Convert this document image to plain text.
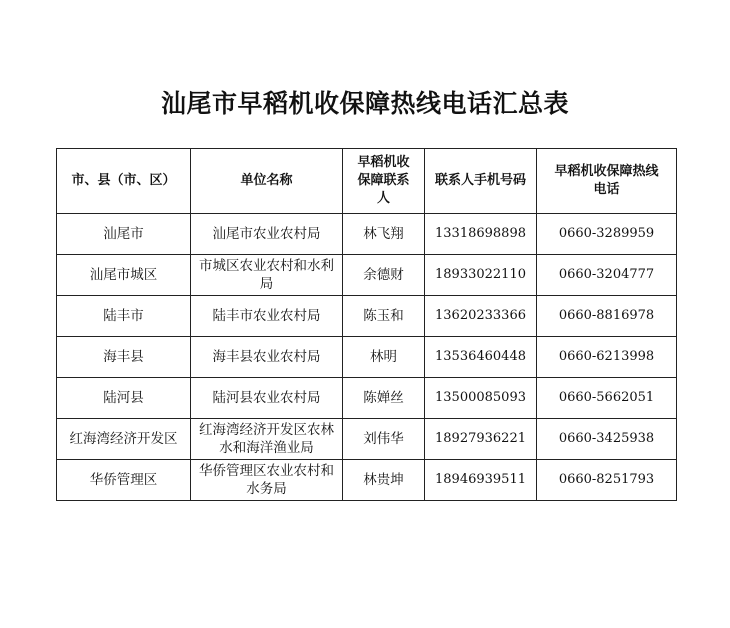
汕尾市早稻机收保障热线电话汇总表
市、县（市、区）	单位名称	早稻机收保障联系人	联系人手机号码	早稻机收保障热线电话
汕尾市	汕尾市农业农村局	林飞翔	13318698898	0660-3289959
汕尾市城区	市城区农业农村和水利局	余德财	18933022110	0660-3204777
陆丰市	陆丰市农业农村局	陈玉和	13620233366	0660-8816978
海丰县	海丰县农业农村局	林明	13536460448	0660-6213998
陆河县	陆河县农业农村局	陈婵丝	13500085093	0660-5662051
红海湾经济开发区	红海湾经济开发区农林水和海洋渔业局	刘伟华	18927936221	0660-3425938
华侨管理区	华侨管理区农业农村和水务局	林贵坤	18946939511	0660-8251793
